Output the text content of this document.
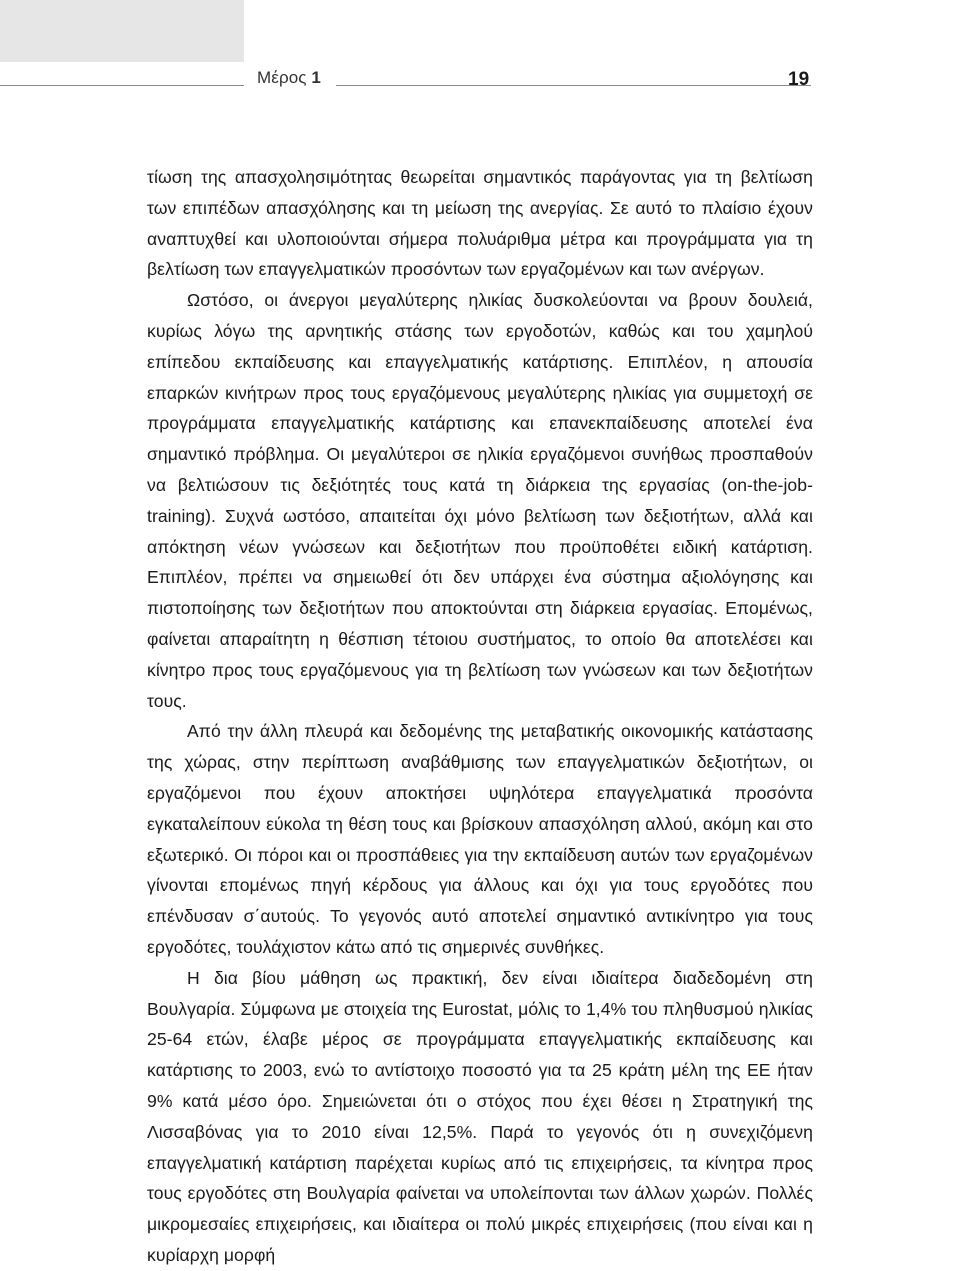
Μέρος 1	19

τίωση της απασχολησιμότητας θεωρείται σημαντικός παράγοντας για τη βελτίωση των επιπέδων απασχόλησης και τη μείωση της ανεργίας. Σε αυτό το πλαίσιο έχουν αναπτυχθεί και υλοποιούνται σήμερα πολυάριθμα μέτρα και προγράμματα για τη βελτίωση των επαγγελματικών προσόντων των εργαζομένων και των ανέργων.

Ωστόσο, οι άνεργοι μεγαλύτερης ηλικίας δυσκολεύονται να βρουν δουλειά, κυρίως λόγω της αρνητικής στάσης των εργοδοτών, καθώς και του χαμηλού επίπεδου εκπαίδευσης και επαγγελματικής κατάρτισης. Επιπλέον, η απουσία επαρκών κινήτρων προς τους εργαζόμενους μεγαλύτερης ηλικίας για συμμετοχή σε προγράμματα επαγγελματικής κατάρτισης και επανεκπαίδευσης αποτελεί ένα σημαντικό πρόβλημα. Οι μεγαλύτεροι σε ηλικία εργαζόμενοι συνήθως προσπαθούν να βελτιώσουν τις δεξιότητές τους κατά τη διάρκεια της εργασίας (on-the-job-training). Συχνά ωστόσο, απαιτείται όχι μόνο βελτίωση των δεξιοτήτων, αλλά και απόκτηση νέων γνώσεων και δεξιοτήτων που προϋποθέτει ειδική κατάρτιση. Επιπλέον, πρέπει να σημειωθεί ότι δεν υπάρχει ένα σύστημα αξιολόγησης και πιστοποίησης των δεξιοτήτων που αποκτούνται στη διάρκεια εργασίας. Επομένως, φαίνεται απαραίτητη η θέσπιση τέτοιου συστήματος, το οποίο θα αποτελέσει και κίνητρο προς τους εργαζόμενους για τη βελτίωση των γνώσεων και των δεξιοτήτων τους.

Από την άλλη πλευρά και δεδομένης της μεταβατικής οικονομικής κατάστασης της χώρας, στην περίπτωση αναβάθμισης των επαγγελματικών δεξιοτήτων, οι εργαζόμενοι που έχουν αποκτήσει υψηλότερα επαγγελματικά προσόντα εγκαταλείπουν εύκολα τη θέση τους και βρίσκουν απασχόληση αλλού, ακόμη και στο εξωτερικό. Οι πόροι και οι προσπάθειες για την εκπαίδευση αυτών των εργαζομένων γίνονται επομένως πηγή κέρδους για άλλους και όχι για τους εργοδότες που επένδυσαν σ΄αυτούς. Το γεγονός αυτό αποτελεί σημαντικό αντικίνητρο για τους εργοδότες, τουλάχιστον κάτω από τις σημερινές συνθήκες.

Η δια βίου μάθηση ως πρακτική, δεν είναι ιδιαίτερα διαδεδομένη στη Βουλγαρία. Σύμφωνα με στοιχεία της Eurostat, μόλις το 1,4% του πληθυσμού ηλικίας 25-64 ετών, έλαβε μέρος σε προγράμματα επαγγελματικής εκπαίδευσης και κατάρτισης το 2003, ενώ το αντίστοιχο ποσοστό για τα 25 κράτη μέλη της ΕΕ ήταν 9% κατά μέσο όρο. Σημειώνεται ότι ο στόχος που έχει θέσει η Στρατηγική της Λισσαβόνας για το 2010 είναι 12,5%. Παρά το γεγονός ότι η συνεχιζόμενη επαγγελματική κατάρτιση παρέχεται κυρίως από τις επιχειρήσεις, τα κίνητρα προς τους εργοδότες στη Βουλγαρία φαίνεται να υπολείπονται των άλλων χωρών. Πολλές μικρομεσαίες επιχειρήσεις, και ιδιαίτερα οι πολύ μικρές επιχειρήσεις (που είναι και η κυρίαρχη μορφή
